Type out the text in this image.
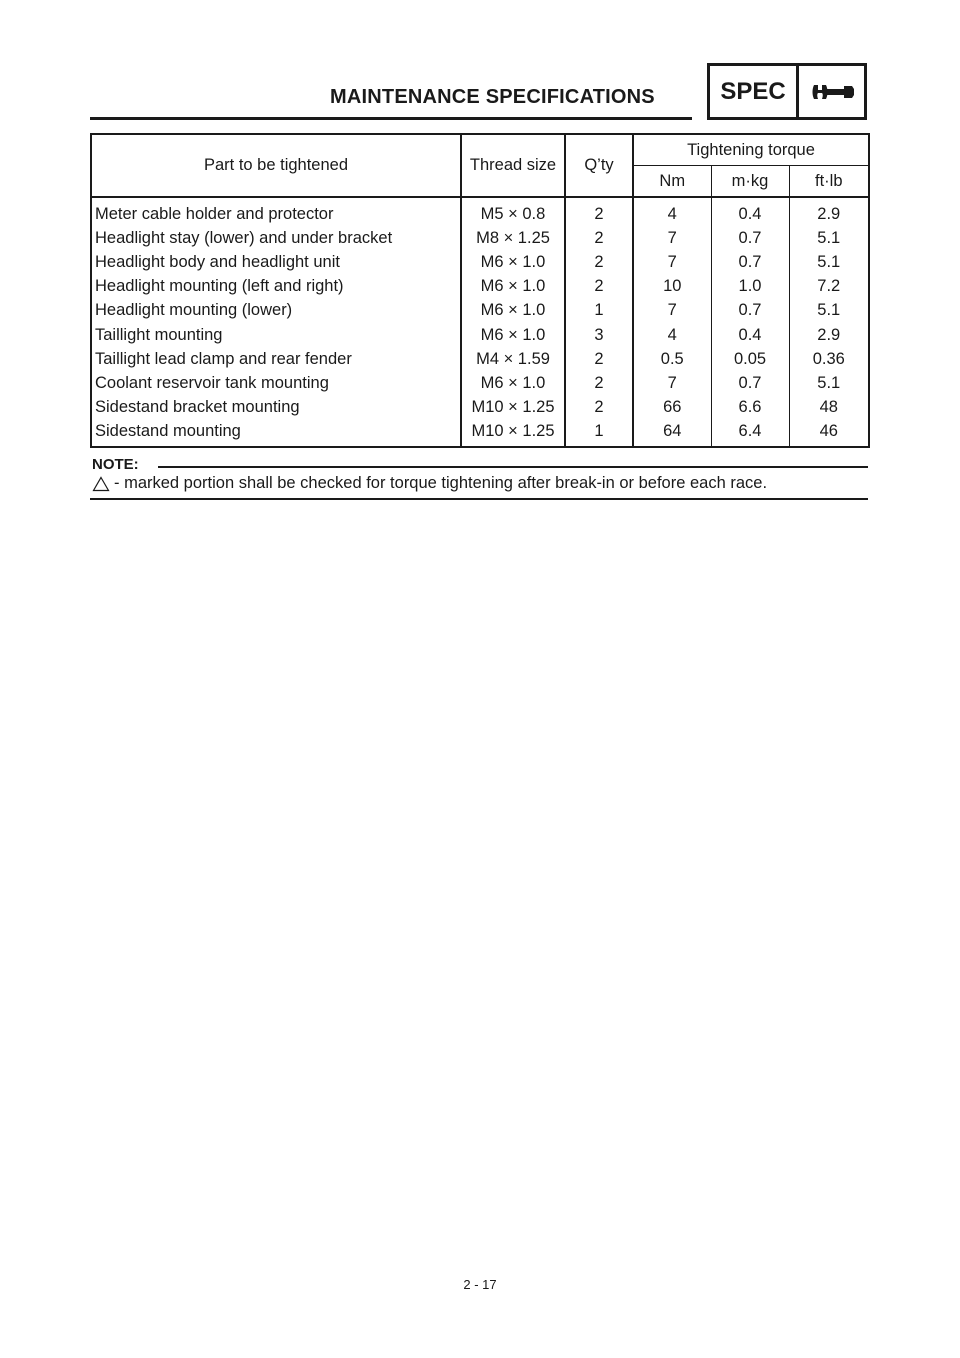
MAINTENANCE SPECIFICATIONS	SPEC
Part to be tightened	Thread size	Q’ty	Tightening torque		
			Nm	m·kg	ft·lb
Meter cable holder and protector	M5 × 0.8	2	4	0.4	2.9
Headlight stay (lower) and under bracket	M8 × 1.25	2	7	0.7	5.1
Headlight body and headlight unit	M6 × 1.0	2	7	0.7	5.1
Headlight mounting (left and right)	M6 × 1.0	2	10	1.0	7.2
Headlight mounting (lower)	M6 × 1.0	1	7	0.7	5.1
Taillight mounting	M6 × 1.0	3	4	0.4	2.9
Taillight lead clamp and rear fender	M4 × 1.59	2	0.5	0.05	0.36
Coolant reservoir tank mounting	M6 × 1.0	2	7	0.7	5.1
Sidestand bracket mounting	M10 × 1.25	2	66	6.6	48
Sidestand mounting	M10 × 1.25	1	64	6.4	46
NOTE:
- marked portion shall be checked for torque tightening after break-in or before each race.
2 - 17
